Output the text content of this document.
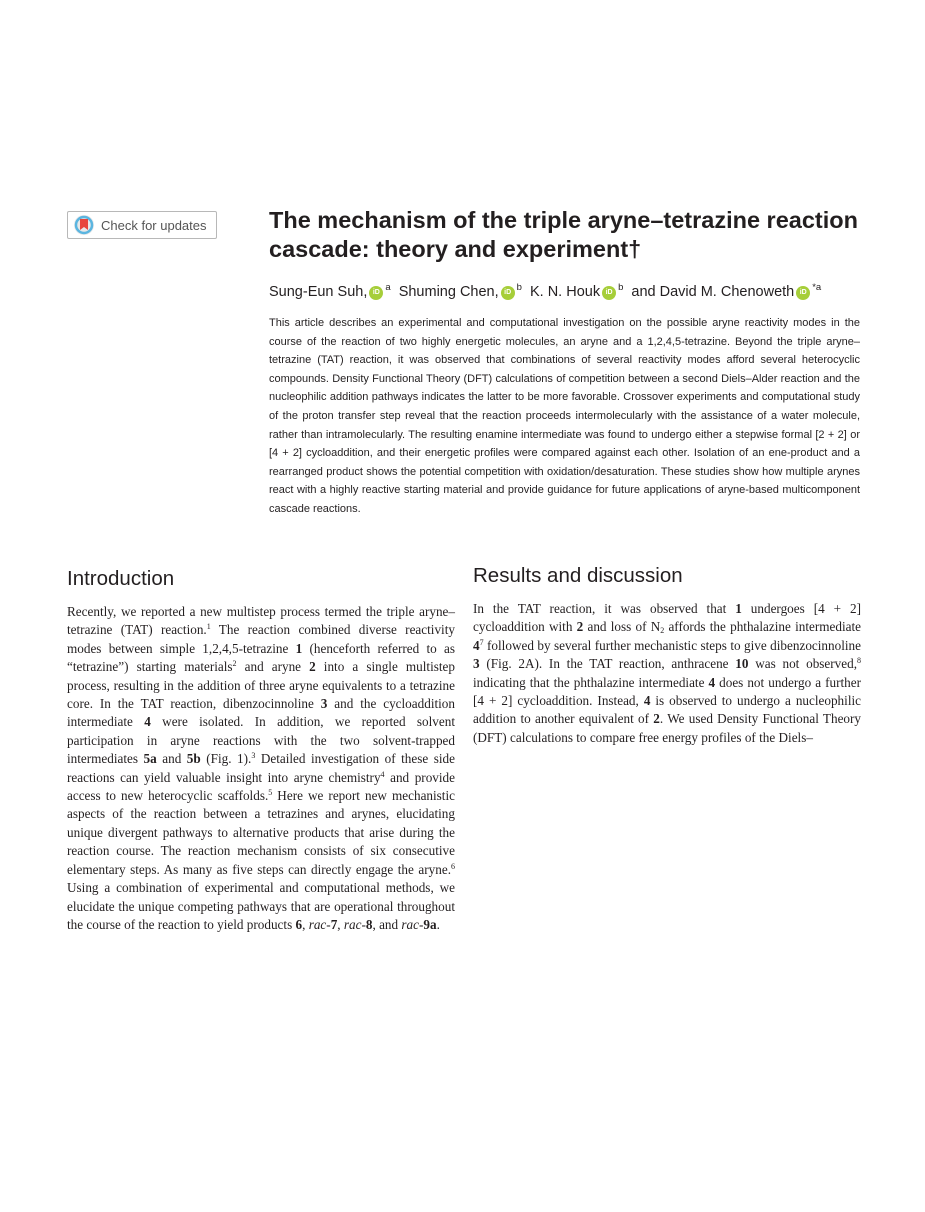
Check for updates	The mechanism of the triple aryne–tetrazine reaction cascade: theory and experiment†
Sung-Eun Suh, iD $^a$ Shuming Chen, iD $^b$ K. N. Houk iD $^b$ and David M. Chenoweth iD $^{*a}$

This article describes an experimental and computational investigation on the possible aryne reactivity modes in the course of the reaction of two highly energetic molecules, an aryne and a 1,2,4,5-tetrazine. Beyond the triple aryne–tetrazine (TAT) reaction, it was observed that combinations of several reactivity modes afford several heterocyclic compounds. Density Functional Theory (DFT) calculations of competition between a second Diels–Alder reaction and the nucleophilic addition pathways indicates the latter to be more favorable. Crossover experiments and computational study of the proton transfer step reveal that the reaction proceeds intermolecularly with the assistance of a water molecule, rather than intramolecularly. The resulting enamine intermediate was found to undergo either a stepwise formal [2 + 2] or [4 + 2] cycloaddition, and their energetic profiles were compared against each other. Isolation of an ene-product and a rearranged product shows the potential competition with oxidation/desaturation. These studies show how multiple arynes react with a highly reactive starting material and provide guidance for future applications of aryne-based multicomponent cascade reactions.

Introduction

Recently, we reported a new multistep process termed the triple aryne–tetrazine (TAT) reaction.$^1$ The reaction combined diverse reactivity modes between simple 1,2,4,5-tetrazine 1 (henceforth referred to as “tetrazine”) starting materials$^2$ and aryne 2 into a single multistep process, resulting in the addition of three aryne equivalents to a tetrazine core. In the TAT reaction, dibenzocinnoline 3 and the cycloaddition intermediate 4 were isolated. In addition, we reported solvent participation in aryne reactions with the two solvent-trapped intermediates 5a and 5b (Fig. 1).$^3$ Detailed investigation of these side reactions can yield valuable insight into aryne chemistry$^4$ and provide access to new heterocyclic scaffolds.$^5$ Here we report new mechanistic aspects of the reaction between a tetrazines and arynes, elucidating unique divergent pathways to alternative products that arise during the reaction course. The reaction mechanism consists of six consecutive elementary steps. As many as five steps can directly engage the aryne.$^6$ Using a combination of experimental and computational methods, we elucidate the unique competing pathways that are operational throughout the course of the reaction to yield products 6, rac-7, rac-8, and rac-9a.

Results and discussion

In the TAT reaction, it was observed that 1 undergoes [4 + 2] cycloaddition with 2 and loss of $N_2$ affords the phthalazine intermediate $4^7$ followed by several further mechanistic steps to give dibenzocinnoline 3 (Fig. 2A). In the TAT reaction, anthracene 10 was not observed,$^8$ indicating that the phthalazine intermediate 4 does not undergo a further [4 + 2] cycloaddition. Instead, 4 is observed to undergo a nucleophilic addition to another equivalent of 2. We used Density Functional Theory (DFT) calculations to compare free energy profiles of the Diels–
